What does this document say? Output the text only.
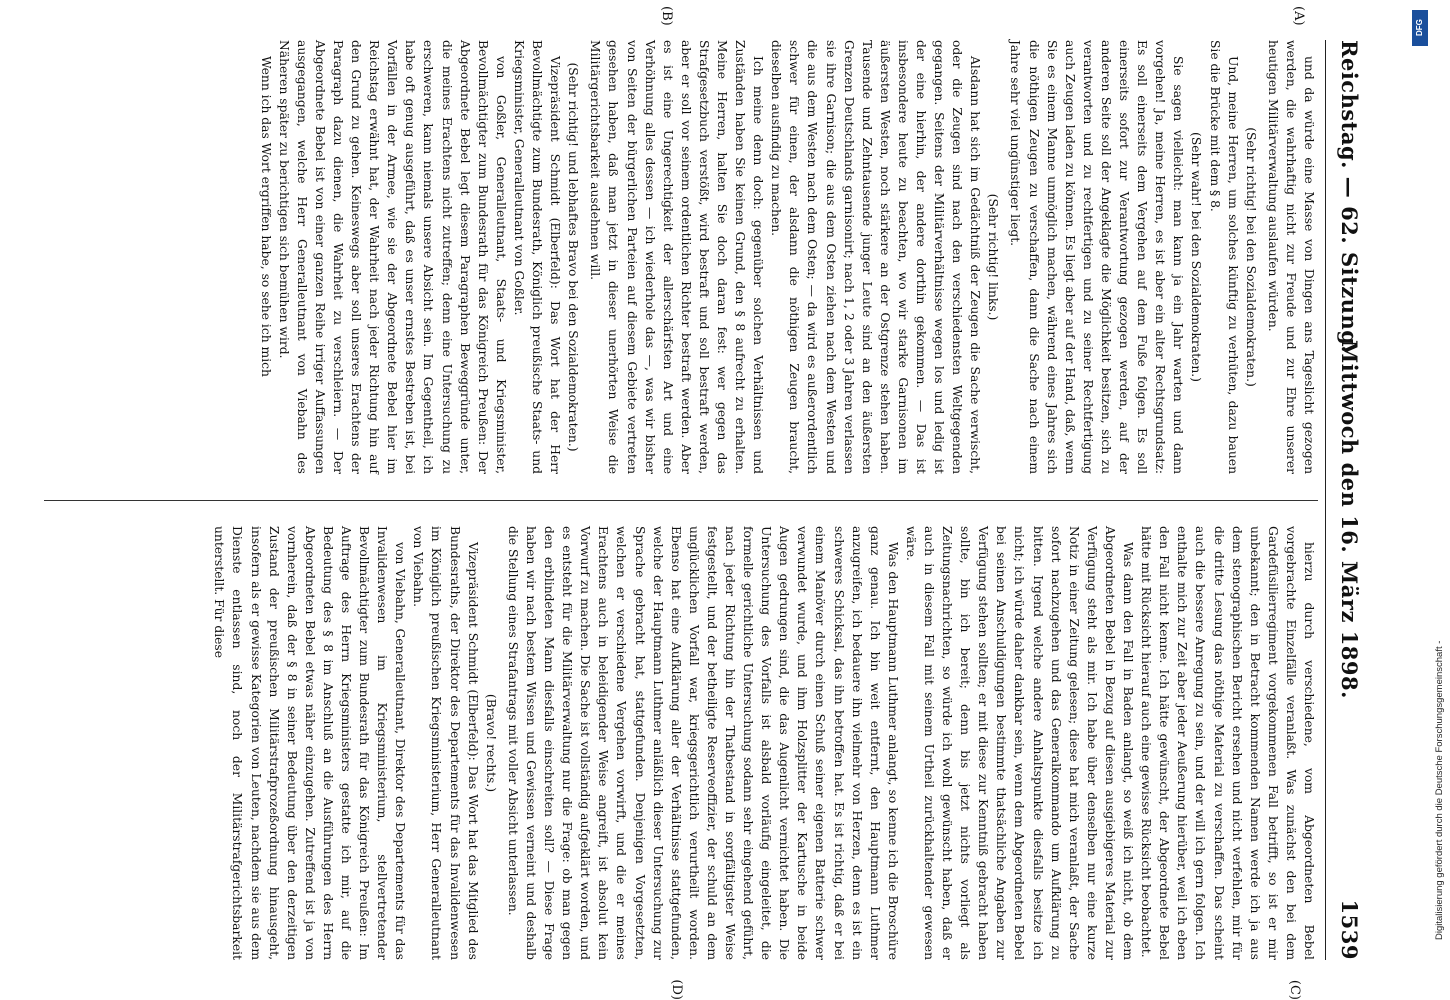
Reichstag. — 62. Sitzung.
Mittwoch den 16. März 1898.
1539
(A)
(B)
(C)
(D)

und da würde eine Masse von Dingen ans Tageslicht gezogen werden, die wahrhaftig nicht zur Freude und zur Ehre unserer heutigen Militärverwaltung auslaufen würden.

(Sehr richtig! bei den Sozialdemokraten.)

Und, meine Herren, um solches künftig zu verhüten, dazu bauen Sie die Brücke mit dem § 8.

(Sehr wahr! bei den Sozialdemokraten.)

Sie sagen vielleicht: man kann ja ein Jahr warten und dann vorgehen! Ja, meine Herren, es ist aber ein alter Rechtsgrundsatz: Es soll einerseits dem Vergehen auf dem Fuße folgen. Es soll einerseits sofort zur Verantwortung gezogen werden, auf der anderen Seite soll der Angeklagte die Möglichkeit besitzen, sich zu verantworten und zu rechtfertigen und zu seiner Rechtfertigung auch Zeugen laden zu können. Es liegt aber auf der Hand, daß, wenn Sie es einem Manne unmöglich machen, während eines Jahres sich die nöthigen Zeugen zu verschaffen, dann die Sache nach einem Jahre sehr viel ungünstiger liegt.

(Sehr richtig! links.)

Alsdann hat sich im Gedächtniß der Zeugen die Sache verwischt, oder die Zeugen sind nach den verschiedensten Weltgegenden gegangen. Seitens der Militärverhältnisse wegen los und ledig ist der eine hierhin, der andere dorthin gekommen. — Das ist insbesondere heute zu beachten, wo wir starke Garnisonen im äußersten Westen, noch stärkere an der Ostgrenze stehen haben. Tausende und Zehntausende junger Leute sind an den äußersten Grenzen Deutschlands garnisonirt; nach 1, 2 oder 3 Jahren verlassen sie ihre Garnison; die aus dem Osten ziehen nach dem Westen und die aus dem Westen nach dem Osten; — da wird es außerordentlich schwer für einen, der alsdann die nöthigen Zeugen braucht, dieselben ausfindig zu machen.

Ich meine denn doch: gegenüber solchen Verhältnissen und Zuständen haben Sie keinen Grund, den § 8 aufrecht zu erhalten. Meine Herren, halten Sie doch daran fest: wer gegen das Strafgesetzbuch verstößt, wird bestraft und soll bestraft werden, aber er soll vor seinem ordentlichen Richter bestraft werden. Aber es ist eine Ungerechtigkeit der allerschärfsten Art und eine Verhöhnung alles dessen — ich wiederhole das —, was wir bisher von Seiten der bürgerlichen Parteien auf diesem Gebiete vertreten gesehen haben, daß man jetzt in dieser unerhörten Weise die Militärgerichtsbarkeit ausdehnen will.

(Sehr richtig! und lebhaftes Bravo bei den Sozialdemokraten.)

Vizepräsident Schmidt (Elberfeld): Das Wort hat der Herr Bevollmächtigte zum Bundesrath, Königlich preußische Staats- und Kriegsminister, Generalleutnant von Goßler.

von Goßler, Generalleutnant, Staats- und Kriegsminister, Bevollmächtigter zum Bundesrath für das Königreich Preußen: Der Abgeordnete Bebel legt diesem Paragraphen Beweggründe unter, die meines Erachtens nicht zutreffen; denn eine Untersuchung zu erschweren, kann niemals unsere Absicht sein. Im Gegentheil, ich habe oft genug ausgeführt, daß es unser ernstes Bestreben ist, bei Vorfällen in der Armee, wie sie der Abgeordnete Bebel hier im Reichstag erwähnt hat, der Wahrheit nach jeder Richtung hin auf den Grund zu gehen. Keineswegs aber soll unseres Erachtens der Paragraph dazu dienen, die Wahrheit zu verschleiern. — Der Abgeordnete Bebel ist von einer ganzen Reihe irriger Auffassungen ausgegangen, welche Herr Generalleutnant von Viebahn des Näheren später zu berichtigen sich bemühen wird.

Wenn ich das Wort ergriffen habe, so sehe ich mich

hierzu durch verschiedene, vom Abgeordneten Bebel vorgebrachte Einzelfälle veranlaßt. Was zunächst den bei dem Gardefüsilierregiment vorgekommenen Fall betrifft, so ist er mir unbekannt; den in Betracht kommenden Namen werde ich ja aus dem stenographischen Bericht ersehen und nicht verfehlen, mir für die dritte Lesung das nöthige Material zu verschaffen. Das scheint auch die bessere Anregung zu sein, und der will ich gern folgen. Ich enthalte mich zur Zeit aber jeder Aeußerung hierüber, weil ich eben den Fall nicht kenne. Ich hätte gewünscht, der Abgeordnete Bebel hätte mit Rücksicht hierauf auch eine gewisse Rücksicht beobachtet.

Was dann den Fall in Baden anlangt, so weiß ich nicht, ob dem Abgeordneten Bebel in Bezug auf diesen ausgiebigeres Material zur Verfügung steht als mir. Ich habe über denselben nur eine kurze Notiz in einer Zeitung gelesen; diese hat mich veranlaßt, der Sache sofort nachzugehen und das Generalkommando um Aufklärung zu bitten. Irgend welche andere Anhaltspunkte diesfalls besitze ich nicht; ich würde daher dankbar sein, wenn dem Abgeordneten Bebel bei seinen Anschuldigungen bestimmte thatsächliche Angaben zur Verfügung stehen sollten; er mit diese zur Kenntniß gebracht haben sollte, bin ich bereit; denn bis jetzt nichts vorliegt als Zeitungsnachrichten, so würde ich wohl gewünscht haben, daß er auch in diesem Fall mit seinem Urtheil zurückhaltender gewesen wäre.

Was den Hauptmann Luthmer anlangt, so kenne ich die Broschüre ganz genau. Ich bin weit entfernt, den Hauptmann Luthmer anzugreifen, ich bedauere ihn vielmehr von Herzen, denn es ist ein schweres Schicksal, das ihn betroffen hat. Es ist richtig, daß er bei einem Manöver durch einen Schuß seiner eigenen Batterie schwer verwundet wurde, und ihm Holzsplitter der Kartusche in beide Augen gedrungen sind, die das Augenlicht vernichtet haben. Die Untersuchung des Vorfalls ist alsbald vorläufig eingeleitet, die formelle gerichtliche Untersuchung sodann sehr eingehend geführt, nach jeder Richtung hin der Thatbestand in sorgfältigster Weise festgestellt, und der betheiligte Reserveoffizier, der schuld an dem unglücklichen Vorfall war, kriegsgerichtlich verurtheilt worden. Ebenso hat eine Aufklärung aller der Verhältnisse stattgefunden, welche der Hauptmann Luthmer anläßlich dieser Untersuchung zur Sprache gebracht hat, stattgefunden. Denjenigen Vorgesetzten, welchen er verschiedene Vergehen vorwirft, und die er meines Erachtens auch in beleidigender Weise angreift, ist absolut kein Vorwurf zu machen. Die Sache ist vollständig aufgeklärt worden, und es entsteht für die Militärverwaltung nur die Frage: ob man gegen den erblindeten Mann diesfalls einschreiten soll? — Diese Frage haben wir nach bestem Wissen und Gewissen verneint und deshalb die Stellung eines Strafantrags mit voller Absicht unterlassen.

(Bravo! rechts.)

Vizepräsident Schmidt (Elberfeld): Das Wort hat das Mitglied des Bundesraths, der Direktor des Departements für das Invalidenwesen im Königlich preußischen Kriegsministerium, Herr Generalleutnant von Viebahn.

von Viebahn, Generalleutnant, Direktor des Departements für das Invalidenwesen im Kriegsministerium, stellvertretender Bevollmächtigter zum Bundesrath für das Königreich Preußen: Im Auftrage des Herrn Kriegsministers gestatte ich mir, auf die Bedeutung des § 8 im Anschluß an die Ausführungen des Herrn Abgeordneten Bebel etwas näher einzugehen. Zutreffend ist ja von vornherein, daß der § 8 in seiner Bedeutung über den derzeitigen Zustand der preußischen Militärstrafprozeßordnung hinausgeht, insofern als er gewisse Kategorien von Leuten, nachdem sie aus dem Dienste entlassen sind, noch der Militärstrafgerichtsbarkeit unterstellt. Für diese

Digitalisierung gefördert durch die Deutsche Forschungsgemeinschaft -
DFG
